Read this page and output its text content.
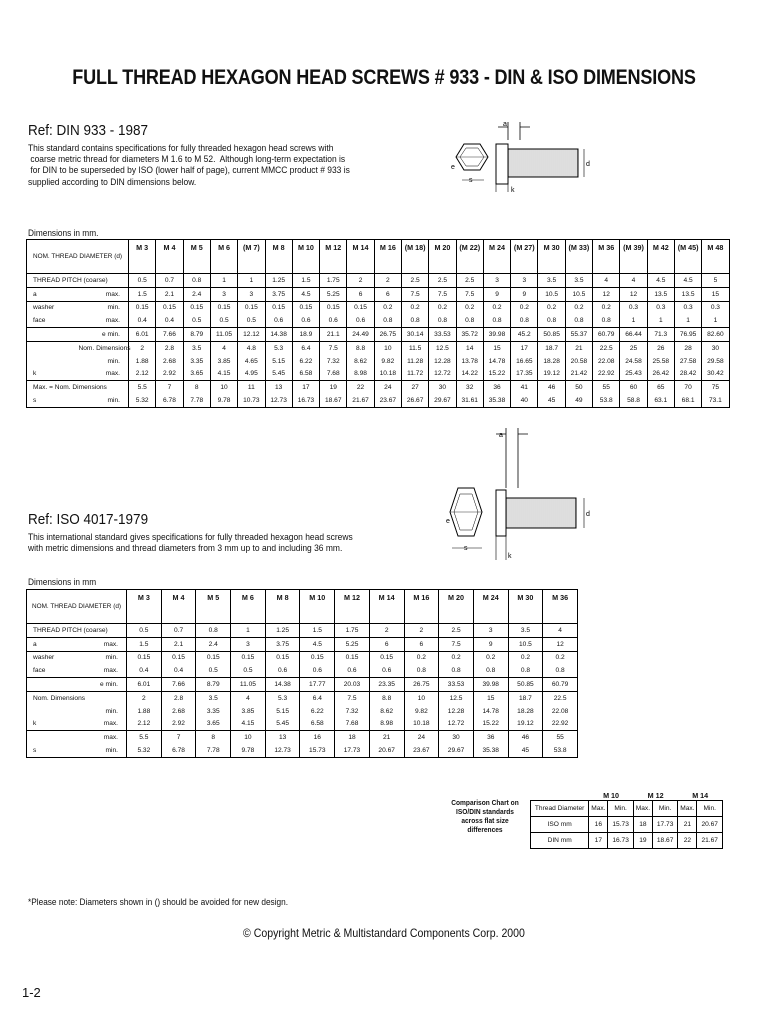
FULL THREAD HEXAGON HEAD SCREWS # 933 - DIN & ISO DIMENSIONS
Ref: DIN 933 - 1987
This standard contains specifications for fully threaded hexagon head screws with
coarse metric thread for diameters M 1.6 to M 52.  Although long-term expectation is
for DIN to be superseded by ISO (lower half of page), current MMCC product # 933 is
supplied according to DIN dimensions below.
a
e	d
s
k
Dimensions in mm.
NOM. THREAD DIAMETER (d)		M 3	M 4	M 5	M 6	(M 7)	M 8	M 10	M 12	M 14	M 16	(M 18)	M 20	(M 22)	M 24	(M 27)	M 30	(M 33)	M 36	(M 39)	M 42	(M 45)	M 48
THREAD PITCH (coarse)		0.5	0.7	0.8	1	1	1.25	1.5	1.75	2	2	2.5	2.5	2.5	3	3	3.5	3.5	4	4	4.5	4.5	5
a	max.	1.5	2.1	2.4	3	3	3.75	4.5	5.25	6	6	7.5	7.5	7.5	9	9	10.5	10.5	12	12	13.5	13.5	15
washer	min.	0.15	0.15	0.15	0.15	0.15	0.15	0.15	0.15	0.15	0.2	0.2	0.2	0.2	0.2	0.2	0.2	0.2	0.2	0.3	0.3	0.3	0.3
face	max.	0.4	0.4	0.5	0.5	0.5	0.6	0.6	0.6	0.6	0.8	0.8	0.8	0.8	0.8	0.8	0.8	0.8	0.8	1	1	1	1
	e min.	6.01	7.66	8.79	11.05	12.12	14.38	18.9	21.1	24.49	26.75	30.14	33.53	35.72	39.98	45.2	50.85	55.37	60.79	66.44	71.3	76.95	82.60
	Nom. Dimensions	2	2.8	3.5	4	4.8	5.3	6.4	7.5	8.8	10	11.5	12.5	14	15	17	18.7	21	22.5	25	26	28	30
	min.	1.88	2.68	3.35	3.85	4.65	5.15	6.22	7.32	8.62	9.82	11.28	12.28	13.78	14.78	16.65	18.28	20.58	22.08	24.58	25.58	27.58	29.58
k	max.	2.12	2.92	3.65	4.15	4.95	5.45	6.58	7.68	8.98	10.18	11.72	12.72	14.22	15.22	17.35	19.12	21.42	22.92	25.43	26.42	28.42	30.42
Max. = Nom. Dimensions		5.5	7	8	10	11	13	17	19	22	24	27	30	32	36	41	46	50	55	60	65	70	75
s	min.	5.32	6.78	7.78	9.78	10.73	12.73	16.73	18.67	21.67	23.67	26.67	29.67	31.61	35.38	40	45	49	53.8	58.8	63.1	68.1	73.1
a
e
d
s
k
Ref: ISO 4017-1979
This international standard gives specifications for fully threaded hexagon head screws
with metric dimensions and thread diameters from 3 mm up to and including 36 mm.
Dimensions in mm
NOM. THREAD DIAMETER (d)		M 3	M 4	M 5	M 6	M 8	M 10	M 12	M 14	M 16	M 20	M 24	M 30	M 36
THREAD PITCH (coarse)		0.5	0.7	0.8	1	1.25	1.5	1.75	2	2	2.5	3	3.5	4
a	max.	1.5	2.1	2.4	3	3.75	4.5	5.25	6	6	7.5	9	10.5	12
washer	min.	0.15	0.15	0.15	0.15	0.15	0.15	0.15	0.15	0.2	0.2	0.2	0.2	0.2
face	max.	0.4	0.4	0.5	0.5	0.6	0.6	0.6	0.6	0.8	0.8	0.8	0.8	0.8
	e min.	6.01	7.66	8.79	11.05	14.38	17.77	20.03	23.35	26.75	33.53	39.98	50.85	60.79
Nom. Dimensions		2	2.8	3.5	4	5.3	6.4	7.5	8.8	10	12.5	15	18.7	22.5
	min.	1.88	2.68	3.35	3.85	5.15	6.22	7.32	8.62	9.82	12.28	14.78	18.28	22.08
k	max.	2.12	2.92	3.65	4.15	5.45	6.58	7.68	8.98	10.18	12.72	15.22	19.12	22.92
	max.	5.5	7	8	10	13	16	18	21	24	30	36	46	55
s	min.	5.32	6.78	7.78	9.78	12.73	15.73	17.73	20.67	23.67	29.67	35.38	45	53.8
Comparison Chart on ISO/DIN standards across flat size differences
	M 10		M 12		M 14	
Thread Diameter	Max.	Min.	Max.	Min.	Max.	Min.
ISO mm	16	15.73	18	17.73	21	20.67
DIN mm	17	16.73	19	18.67	22	21.67
*Please note: Diameters shown in () should be avoided for new design.
© Copyright Metric & Multistandard Components Corp. 2000
1-2
